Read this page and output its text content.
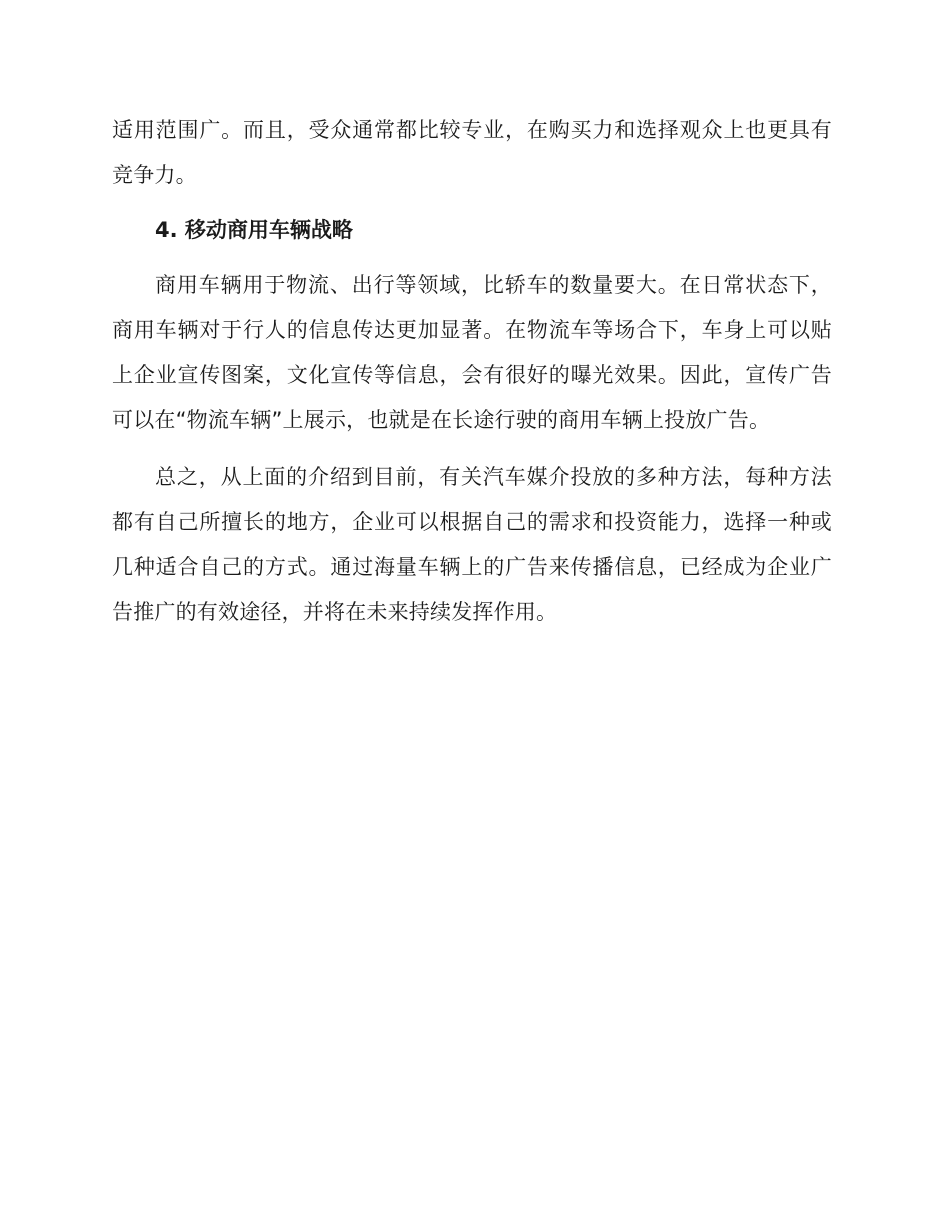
适用范围广。而且，受众通常都比较专业，在购买力和选择观众上也更具有竞争力。

4. 移动商用车辆战略

商用车辆用于物流、出行等领域，比轿车的数量要大。在日常状态下，商用车辆对于行人的信息传达更加显著。在物流车等场合下，车身上可以贴上企业宣传图案，文化宣传等信息，会有很好的曝光效果。因此，宣传广告可以在“物流车辆”上展示，也就是在长途行驶的商用车辆上投放广告。

总之，从上面的介绍到目前，有关汽车媒介投放的多种方法，每种方法都有自己所擅长的地方，企业可以根据自己的需求和投资能力，选择一种或几种适合自己的方式。通过海量车辆上的广告来传播信息，已经成为企业广告推广的有效途径，并将在未来持续发挥作用。
